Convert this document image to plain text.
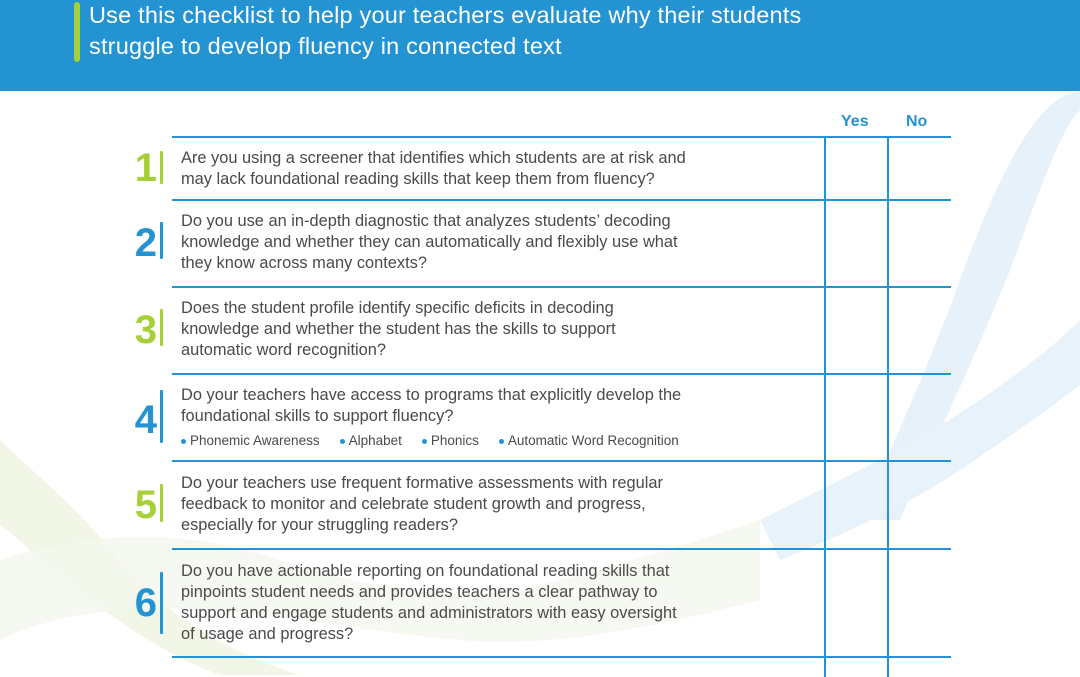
Use this checklist to help your teachers evaluate why their students
struggle to develop fluency in connected text
Yes No
1 Are you using a screener that identifies which students are at risk and
may lack foundational reading skills that keep them from fluency?
2 Do you use an in-depth diagnostic that analyzes students’ decoding
knowledge and whether they can automatically and flexibly use what
they know across many contexts?
3 Does the student profile identify specific deficits in decoding
knowledge and whether the student has the skills to support
automatic word recognition?
4
Do your teachers have access to programs that explicitly develop the
foundational skills to support fluency?
Phonemic Awareness Alphabet Phonics Automatic Word Recognition
5 Do your teachers use frequent formative assessments with regular
feedback to monitor and celebrate student growth and progress,
especially for your struggling readers?
6
Do you have actionable reporting on foundational reading skills that
pinpoints student needs and provides teachers a clear pathway to
support and engage students and administrators with easy oversight
of usage and progress?
